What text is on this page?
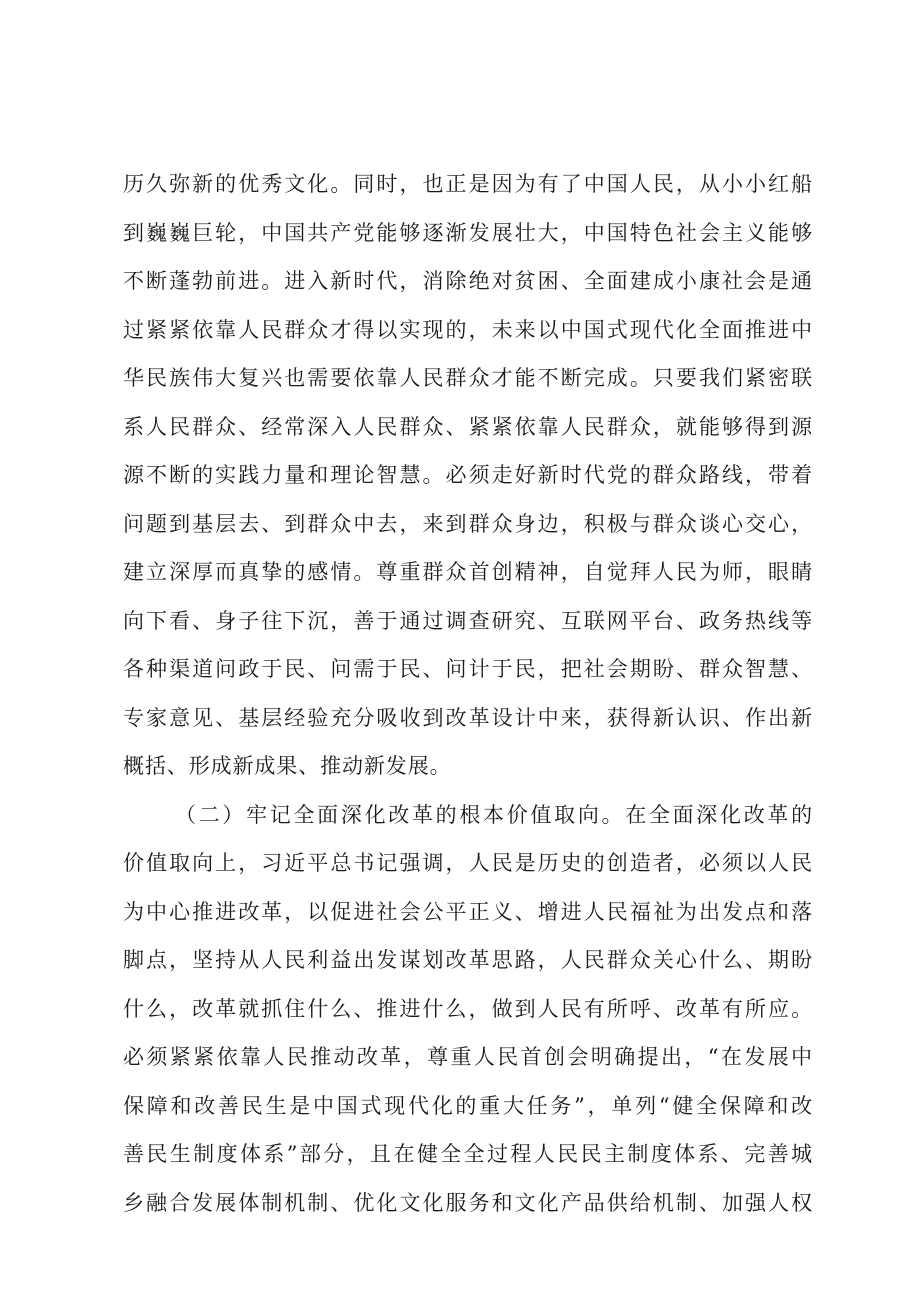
历久弥新的优秀文化。同时，也正是因为有了中国人民，从小小红船
到巍巍巨轮，中国共产党能够逐渐发展壮大，中国特色社会主义能够
不断蓬勃前进。进入新时代，消除绝对贫困、全面建成小康社会是通
过紧紧依靠人民群众才得以实现的，未来以中国式现代化全面推进中
华民族伟大复兴也需要依靠人民群众才能不断完成。只要我们紧密联
系人民群众、经常深入人民群众、紧紧依靠人民群众，就能够得到源
源不断的实践力量和理论智慧。必须走好新时代党的群众路线，带着
问题到基层去、到群众中去，来到群众身边，积极与群众谈心交心，
建立深厚而真挚的感情。尊重群众首创精神，自觉拜人民为师，眼睛
向下看、身子往下沉，善于通过调查研究、互联网平台、政务热线等
各种渠道问政于民、问需于民、问计于民，把社会期盼、群众智慧、
专家意见、基层经验充分吸收到改革设计中来，获得新认识、作出新
概括、形成新成果、推动新发展。
（二）牢记全面深化改革的根本价值取向。在全面深化改革的
价值取向上，习近平总书记强调，人民是历史的创造者，必须以人民
为中心推进改革，以促进社会公平正义、增进人民福祉为出发点和落
脚点，坚持从人民利益出发谋划改革思路，人民群众关心什么、期盼
什么，改革就抓住什么、推进什么，做到人民有所呼、改革有所应。
必须紧紧依靠人民推动改革，尊重人民首创会明确提出，“在发展中
保障和改善民生是中国式现代化的重大任务”，单列“健全保障和改
善民生制度体系”部分，且在健全全过程人民民主制度体系、完善城
乡融合发展体制机制、优化文化服务和文化产品供给机制、加强人权
